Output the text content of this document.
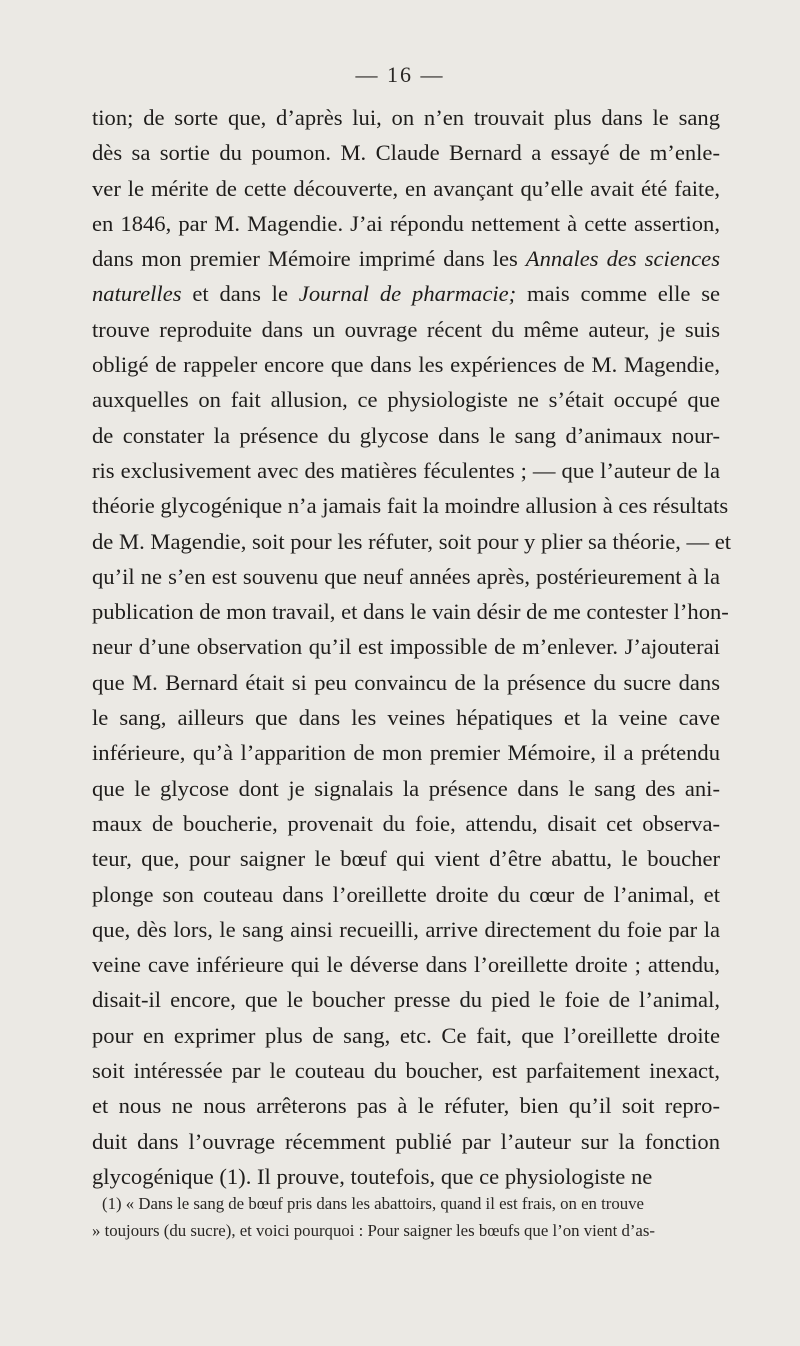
— 16 —
tion; de sorte que, d’après lui, on n’en trouvait plus dans le sang
dès sa sortie du poumon. M. Claude Bernard a essayé de m’enle-
ver le mérite de cette découverte, en avançant qu’elle avait été faite,
en 1846, par M. Magendie. J’ai répondu nettement à cette assertion,
dans mon premier Mémoire imprimé dans les Annales des sciences
naturelles et dans le Journal de pharmacie; mais comme elle se
trouve reproduite dans un ouvrage récent du même auteur, je suis
obligé de rappeler encore que dans les expériences de M. Magendie,
auxquelles on fait allusion, ce physiologiste ne s’était occupé que
de constater la présence du glycose dans le sang d’animaux nour-
ris exclusivement avec des matières féculentes ; — que l’auteur de la
théorie glycogénique n’a jamais fait la moindre allusion à ces résultats
de M. Magendie, soit pour les réfuter, soit pour y plier sa théorie, — et
qu’il ne s’en est souvenu que neuf années après, postérieurement à la
publication de mon travail, et dans le vain désir de me contester l’hon-
neur d’une observation qu’il est impossible de m’enlever. J’ajouterai
que M. Bernard était si peu convaincu de la présence du sucre dans
le sang, ailleurs que dans les veines hépatiques et la veine cave
inférieure, qu’à l’apparition de mon premier Mémoire, il a prétendu
que le glycose dont je signalais la présence dans le sang des ani-
maux de boucherie, provenait du foie, attendu, disait cet observa-
teur, que, pour saigner le bœuf qui vient d’être abattu, le boucher
plonge son couteau dans l’oreillette droite du cœur de l’animal, et
que, dès lors, le sang ainsi recueilli, arrive directement du foie par la
veine cave inférieure qui le déverse dans l’oreillette droite ; attendu,
disait-il encore, que le boucher presse du pied le foie de l’animal,
pour en exprimer plus de sang, etc. Ce fait, que l’oreillette droite
soit intéressée par le couteau du boucher, est parfaitement inexact,
et nous ne nous arrêterons pas à le réfuter, bien qu’il soit repro-
duit dans l’ouvrage récemment publié par l’auteur sur la fonction
glycogénique (1). Il prouve, toutefois, que ce physiologiste ne
(1) « Dans le sang de bœuf pris dans les abattoirs, quand il est frais, on en trouve
» toujours (du sucre), et voici pourquoi : Pour saigner les bœufs que l’on vient d’as-
